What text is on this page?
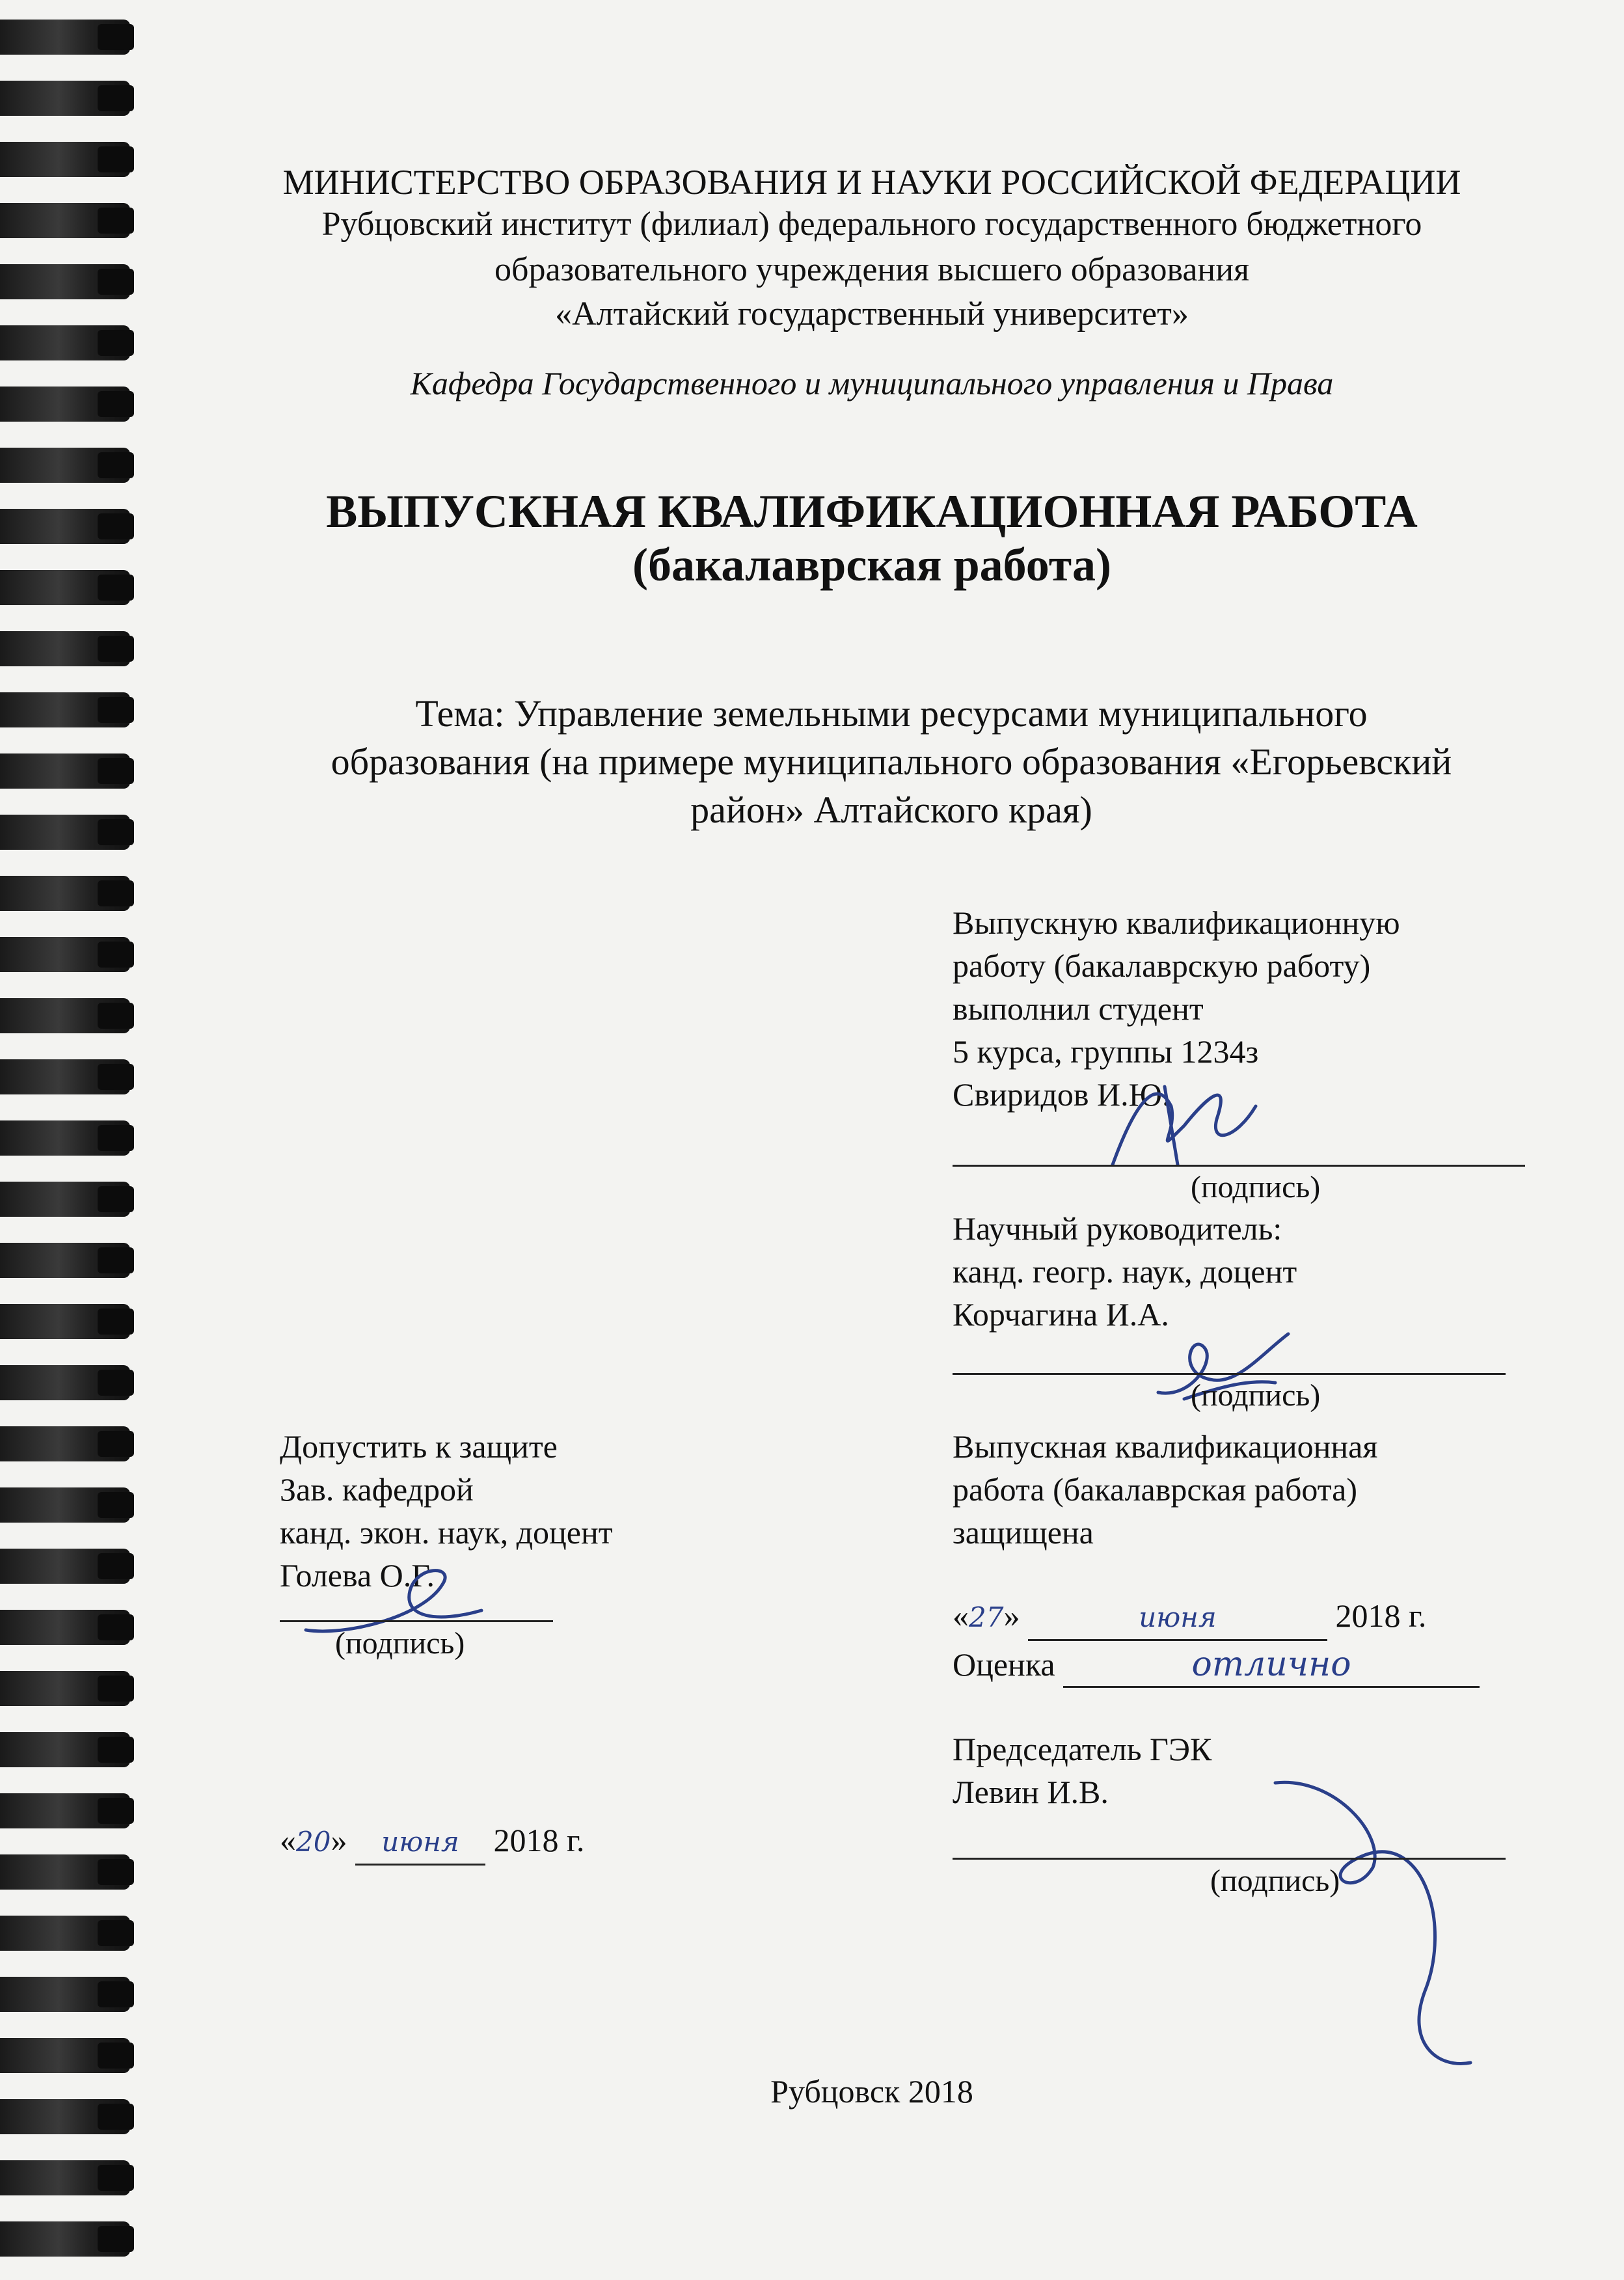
МИНИСТЕРСТВО ОБРАЗОВАНИЯ И НАУКИ РОССИЙСКОЙ ФЕДЕРАЦИИ
Рубцовский институт (филиал) федерального государственного бюджетного
образовательного учреждения высшего образования
«Алтайский государственный университет»
Кафедра Государственного и муниципального управления и Права
ВЫПУСКНАЯ КВАЛИФИКАЦИОННАЯ РАБОТА
(бакалаврская работа)
Тема: Управление земельными ресурсами муниципального
образования (на примере муниципального образования «Егорьевский
район» Алтайского края)
Выпускную квалификационную
работу (бакалаврскую работу)
выполнил студент
5 курса, группы 1234з
Свиридов И.Ю.
(подпись)
Научный руководитель:
канд. геогр. наук, доцент
Корчагина И.А.
(подпись)
Допустить к защите
Зав. кафедрой
канд. экон. наук, доцент
Голева О.Г.
(подпись)
«20» июня 2018 г.
Выпускная квалификационная
работа (бакалаврская работа)
защищена
«27»	июня	2018 г.
Оценка	отлично
Председатель ГЭК
Левин И.В.
(подпись)
Рубцовск 2018
